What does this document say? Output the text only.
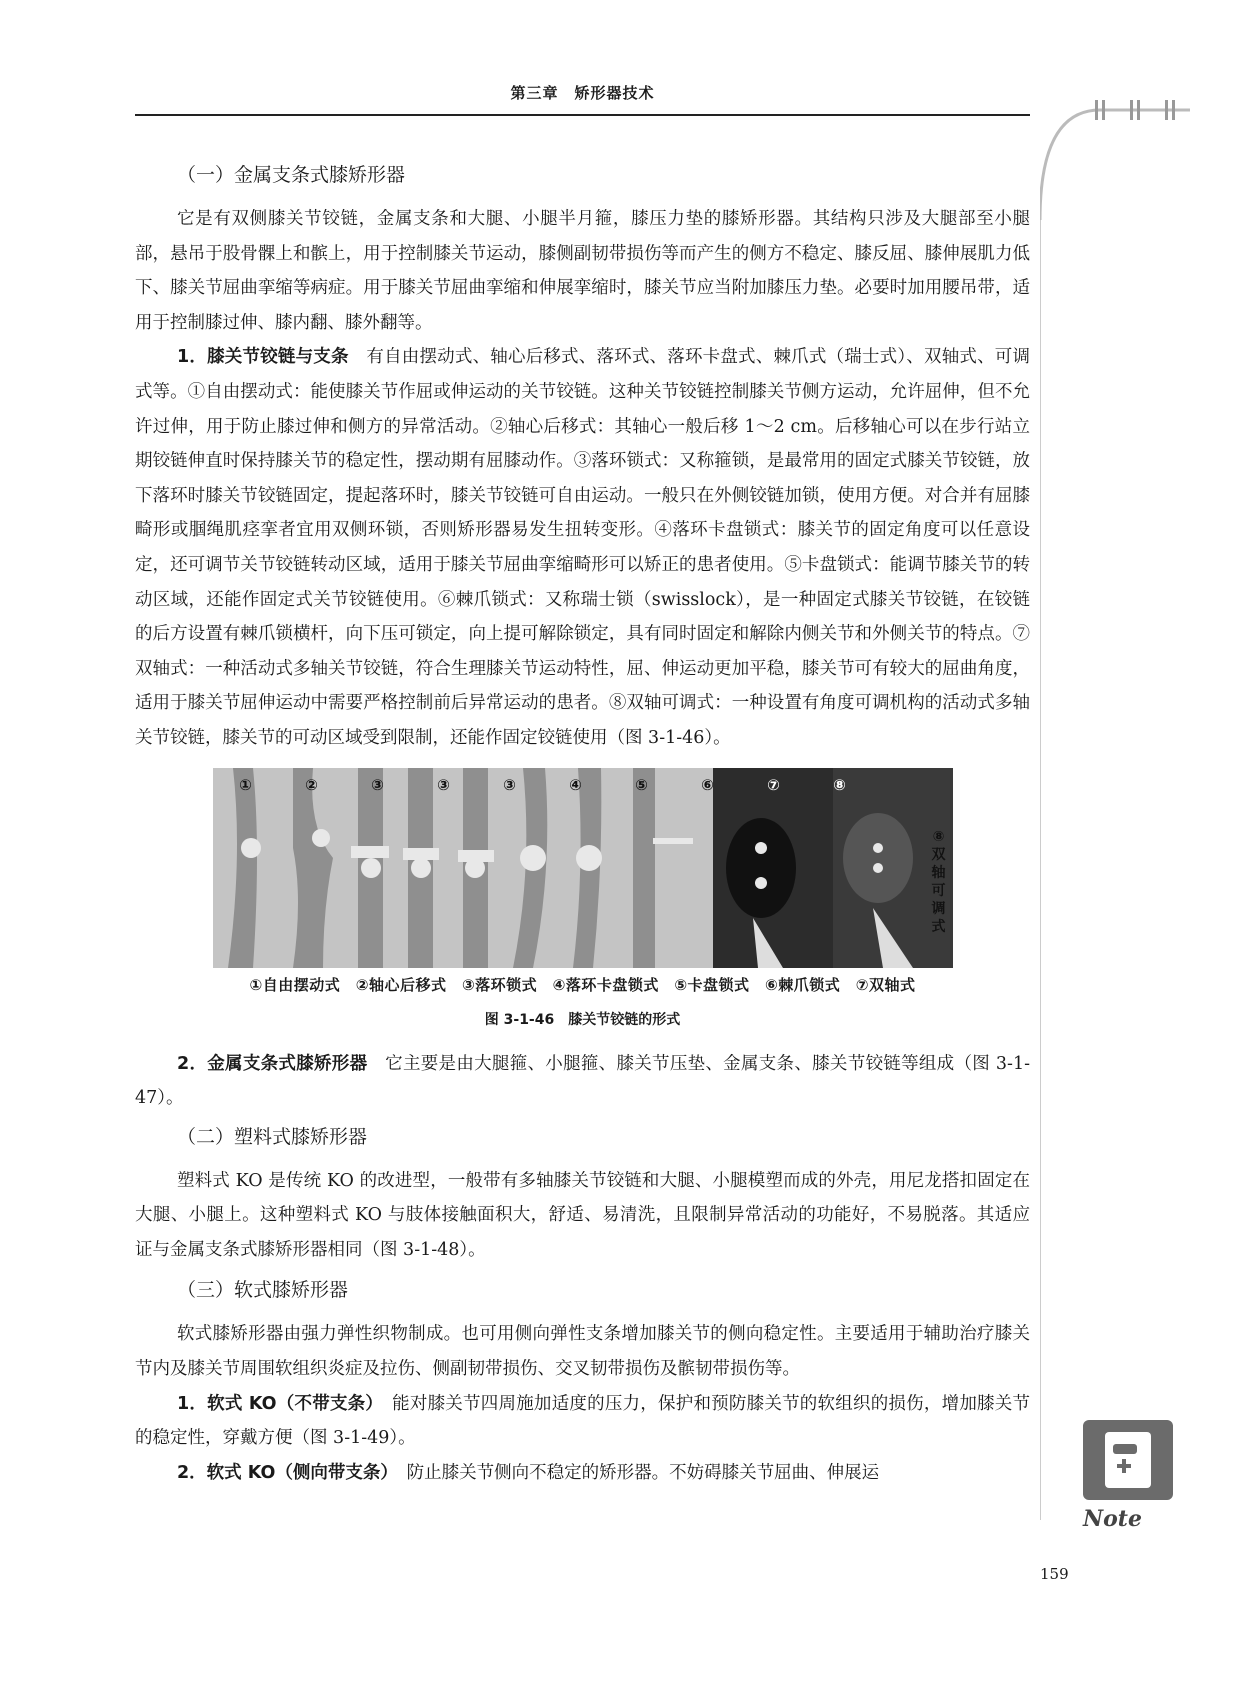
第三章　矫形器技术
（一）金属支条式膝矫形器

它是有双侧膝关节铰链，金属支条和大腿、小腿半月箍，膝压力垫的膝矫形器。其结构只涉及大腿部至小腿部，悬吊于股骨髁上和髌上，用于控制膝关节运动，膝侧副韧带损伤等而产生的侧方不稳定、膝反屈、膝伸展肌力低下、膝关节屈曲挛缩等病症。用于膝关节屈曲挛缩和伸展挛缩时，膝关节应当附加膝压力垫。必要时加用腰吊带，适用于控制膝过伸、膝内翻、膝外翻等。

1．膝关节铰链与支条　有自由摆动式、轴心后移式、落环式、落环卡盘式、棘爪式（瑞士式）、双轴式、可调式等。①自由摆动式：能使膝关节作屈或伸运动的关节铰链。这种关节铰链控制膝关节侧方运动，允许屈伸，但不允许过伸，用于防止膝过伸和侧方的异常活动。②轴心后移式：其轴心一般后移 1～2 cm。后移轴心可以在步行站立期铰链伸直时保持膝关节的稳定性，摆动期有屈膝动作。③落环锁式：又称箍锁，是最常用的固定式膝关节铰链，放下落环时膝关节铰链固定，提起落环时，膝关节铰链可自由运动。一般只在外侧铰链加锁，使用方便。对合并有屈膝畸形或腘绳肌痉挛者宜用双侧环锁，否则矫形器易发生扭转变形。④落环卡盘锁式：膝关节的固定角度可以任意设定，还可调节关节铰链转动区域，适用于膝关节屈曲挛缩畸形可以矫正的患者使用。⑤卡盘锁式：能调节膝关节的转动区域，还能作固定式关节铰链使用。⑥棘爪锁式：又称瑞士锁（swisslock），是一种固定式膝关节铰链，在铰链的后方设置有棘爪锁横杆，向下压可锁定，向上提可解除锁定，具有同时固定和解除内侧关节和外侧关节的特点。⑦双轴式：一种活动式多轴关节铰链，符合生理膝关节运动特性，屈、伸运动更加平稳，膝关节可有较大的屈曲角度，适用于膝关节屈伸运动中需要严格控制前后异常运动的患者。⑧双轴可调式：一种设置有角度可调机构的活动式多轴关节铰链，膝关节的可动区域受到限制，还能作固定铰链使用（图 3-1-46）。

①	②	③	③	③	④	⑤	⑥	⑦	⑧
⑧双轴可调式
①自由摆动式　②轴心后移式　③落环锁式　④落环卡盘锁式　⑤卡盘锁式　⑥棘爪锁式　⑦双轴式
图 3-1-46　膝关节铰链的形式

2．金属支条式膝矫形器　它主要是由大腿箍、小腿箍、膝关节压垫、金属支条、膝关节铰链等组成（图 3-1-47）。

（二）塑料式膝矫形器

塑料式 KO 是传统 KO 的改进型，一般带有多轴膝关节铰链和大腿、小腿模塑而成的外壳，用尼龙搭扣固定在大腿、小腿上。这种塑料式 KO 与肢体接触面积大，舒适、易清洗，且限制异常活动的功能好，不易脱落。其适应证与金属支条式膝矫形器相同（图 3-1-48）。

（三）软式膝矫形器

软式膝矫形器由强力弹性织物制成。也可用侧向弹性支条增加膝关节的侧向稳定性。主要适用于辅助治疗膝关节内及膝关节周围软组织炎症及拉伤、侧副韧带损伤、交叉韧带损伤及髌韧带损伤等。

1．软式 KO（不带支条）　能对膝关节四周施加适度的压力，保护和预防膝关节的软组织的损伤，增加膝关节的稳定性，穿戴方便（图 3-1-49）。

2．软式 KO（侧向带支条）　防止膝关节侧向不稳定的矫形器。不妨碍膝关节屈曲、伸展运

Note
159
